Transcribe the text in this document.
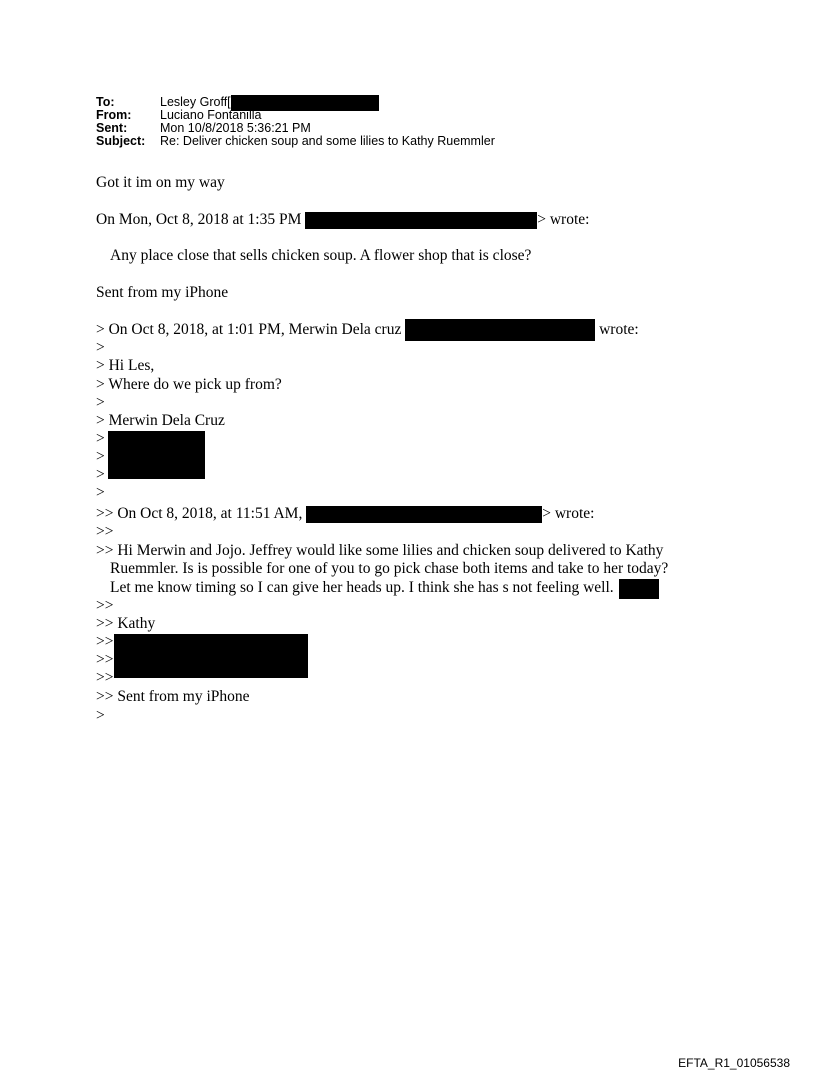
To:	Lesley Groff[
From:	Luciano Fontanilla
Sent:	Mon 10/8/2018 5:36:21 PM
Subject:	Re: Deliver chicken soup and some lilies to Kathy Ruemmler
Got it im on my way
On Mon, Oct 8, 2018 at 1:35 PM	> wrote:
Any place close that sells chicken soup. A flower shop that is close?
Sent from my iPhone
> On Oct 8, 2018, at 1:01 PM, Merwin Dela cruz	wrote:
>
> Hi Les,
> Where do we pick up from?
>
> Merwin Dela Cruz
>
>
>
>
>> On Oct 8, 2018, at 11:51 AM,	> wrote:
>>
>> Hi Merwin and Jojo. Jeffrey would like some lilies and chicken soup delivered to Kathy
Ruemmler. Is is possible for one of you to go pick chase both items and take to her today?
Let me know timing so I can give her heads up. I think she has s not feeling well.
>>
>> Kathy
>>
>>
>>
>> Sent from my iPhone
>
EFTA_R1_01056538
